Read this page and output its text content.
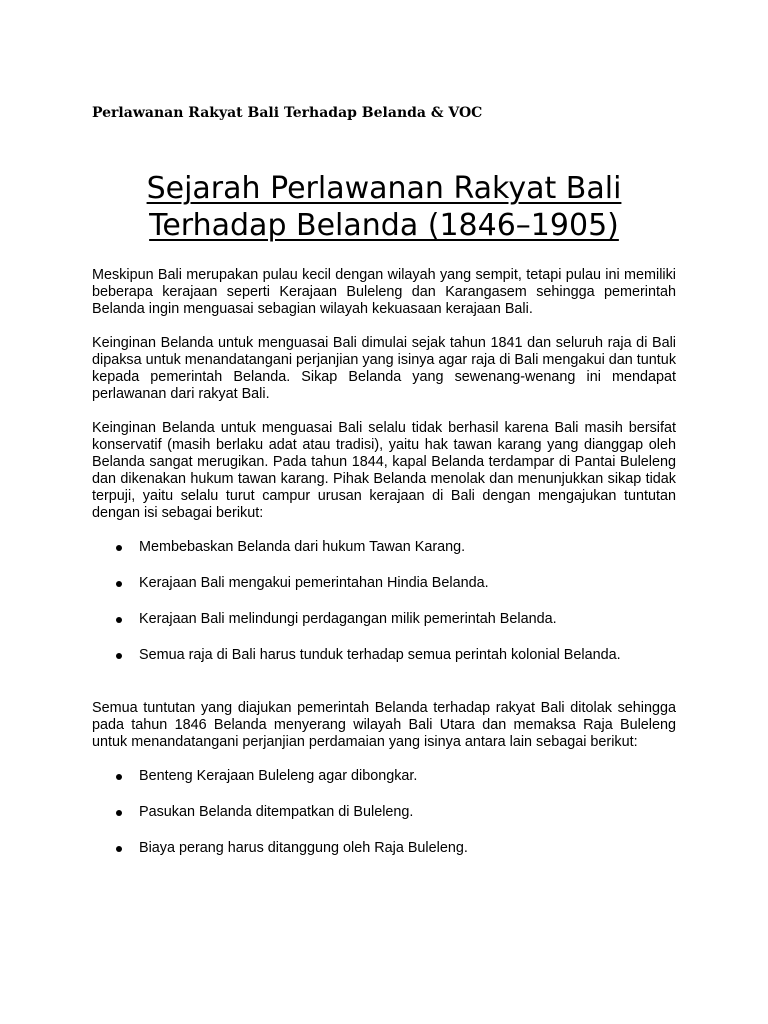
Perlawanan Rakyat Bali Terhadap Belanda & VOC
Sejarah Perlawanan Rakyat Bali Terhadap Belanda (1846–1905)

Meskipun Bali merupakan pulau kecil dengan wilayah yang sempit, tetapi pulau ini memiliki beberapa kerajaan seperti Kerajaan Buleleng dan Karangasem sehingga pemerintah Belanda ingin menguasai sebagian wilayah kekuasaan kerajaan Bali.

Keinginan Belanda untuk menguasai Bali dimulai sejak tahun 1841 dan seluruh raja di Bali dipaksa untuk menandatangani perjanjian yang isinya agar raja di Bali mengakui dan tuntuk kepada pemerintah Belanda. Sikap Belanda yang sewenang-wenang ini mendapat perlawanan dari rakyat Bali.

Keinginan Belanda untuk menguasai Bali selalu tidak berhasil karena Bali masih bersifat konservatif (masih berlaku adat atau tradisi), yaitu hak tawan karang yang dianggap oleh Belanda sangat merugikan. Pada tahun 1844, kapal Belanda terdampar di Pantai Buleleng dan dikenakan hukum tawan karang. Pihak Belanda menolak dan menunjukkan sikap tidak terpuji, yaitu selalu turut campur urusan kerajaan di Bali dengan mengajukan tuntutan dengan isi sebagai berikut:

Membebaskan Belanda dari hukum Tawan Karang.
Kerajaan Bali mengakui pemerintahan Hindia Belanda.
Kerajaan Bali melindungi perdagangan milik pemerintah Belanda.
Semua raja di Bali harus tunduk terhadap semua perintah kolonial Belanda.

Semua tuntutan yang diajukan pemerintah Belanda terhadap rakyat Bali ditolak sehingga pada tahun 1846 Belanda menyerang wilayah Bali Utara dan memaksa Raja Buleleng untuk menandatangani perjanjian perdamaian yang isinya antara lain sebagai berikut:

Benteng Kerajaan Buleleng agar dibongkar.
Pasukan Belanda ditempatkan di Buleleng.
Biaya perang harus ditanggung oleh Raja Buleleng.
